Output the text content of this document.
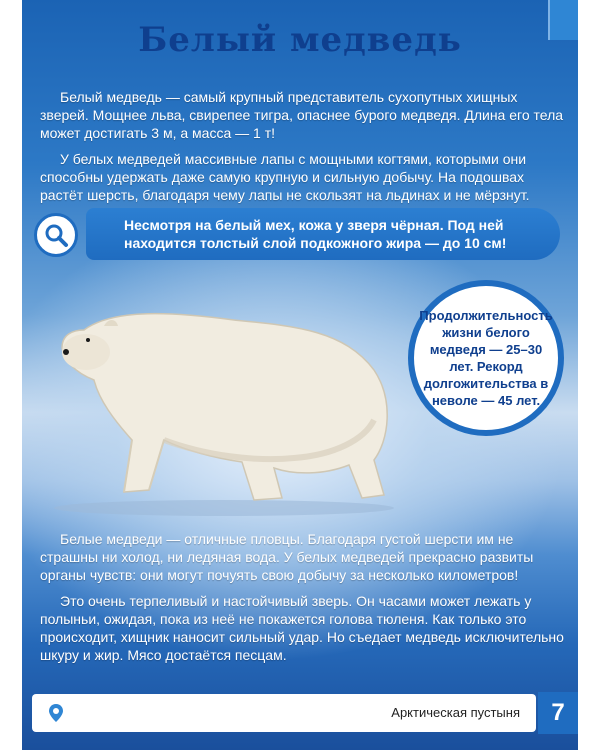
Белый медведь

Белый медведь — самый крупный представитель сухопутных хищных зверей. Мощнее льва, свирепее тигра, опаснее бурого медведя. Длина его тела может достигать 3 м, а масса — 1 т!

У белых медведей массивные лапы с мощными когтями, которыми они способны удержать даже самую крупную и сильную добычу. На подошвах растёт шерсть, благодаря чему лапы не скользят на льдинах и не мёрзнут.

Несмотря на белый мех, кожа у зверя чёрная. Под ней находится толстый слой подкожного жира — до 10 см!
Продолжительность жизни белого медведя — 25–30 лет. Рекорд долгожительства в неволе — 45 лет.

Белые медведи — отличные пловцы. Благодаря густой шерсти им не страшны ни холод, ни ледяная вода. У белых медведей прекрасно развиты органы чувств: они могут почуять свою добычу за несколько километров!

Это очень терпеливый и настойчивый зверь. Он часами может лежать у полыньи, ожидая, пока из неё не покажется голова тюленя. Как только это происходит, хищник наносит сильный удар. Но съедает медведь исключительно шкуру и жир. Мясо достаётся песцам.

Арктическая пустыня	7
